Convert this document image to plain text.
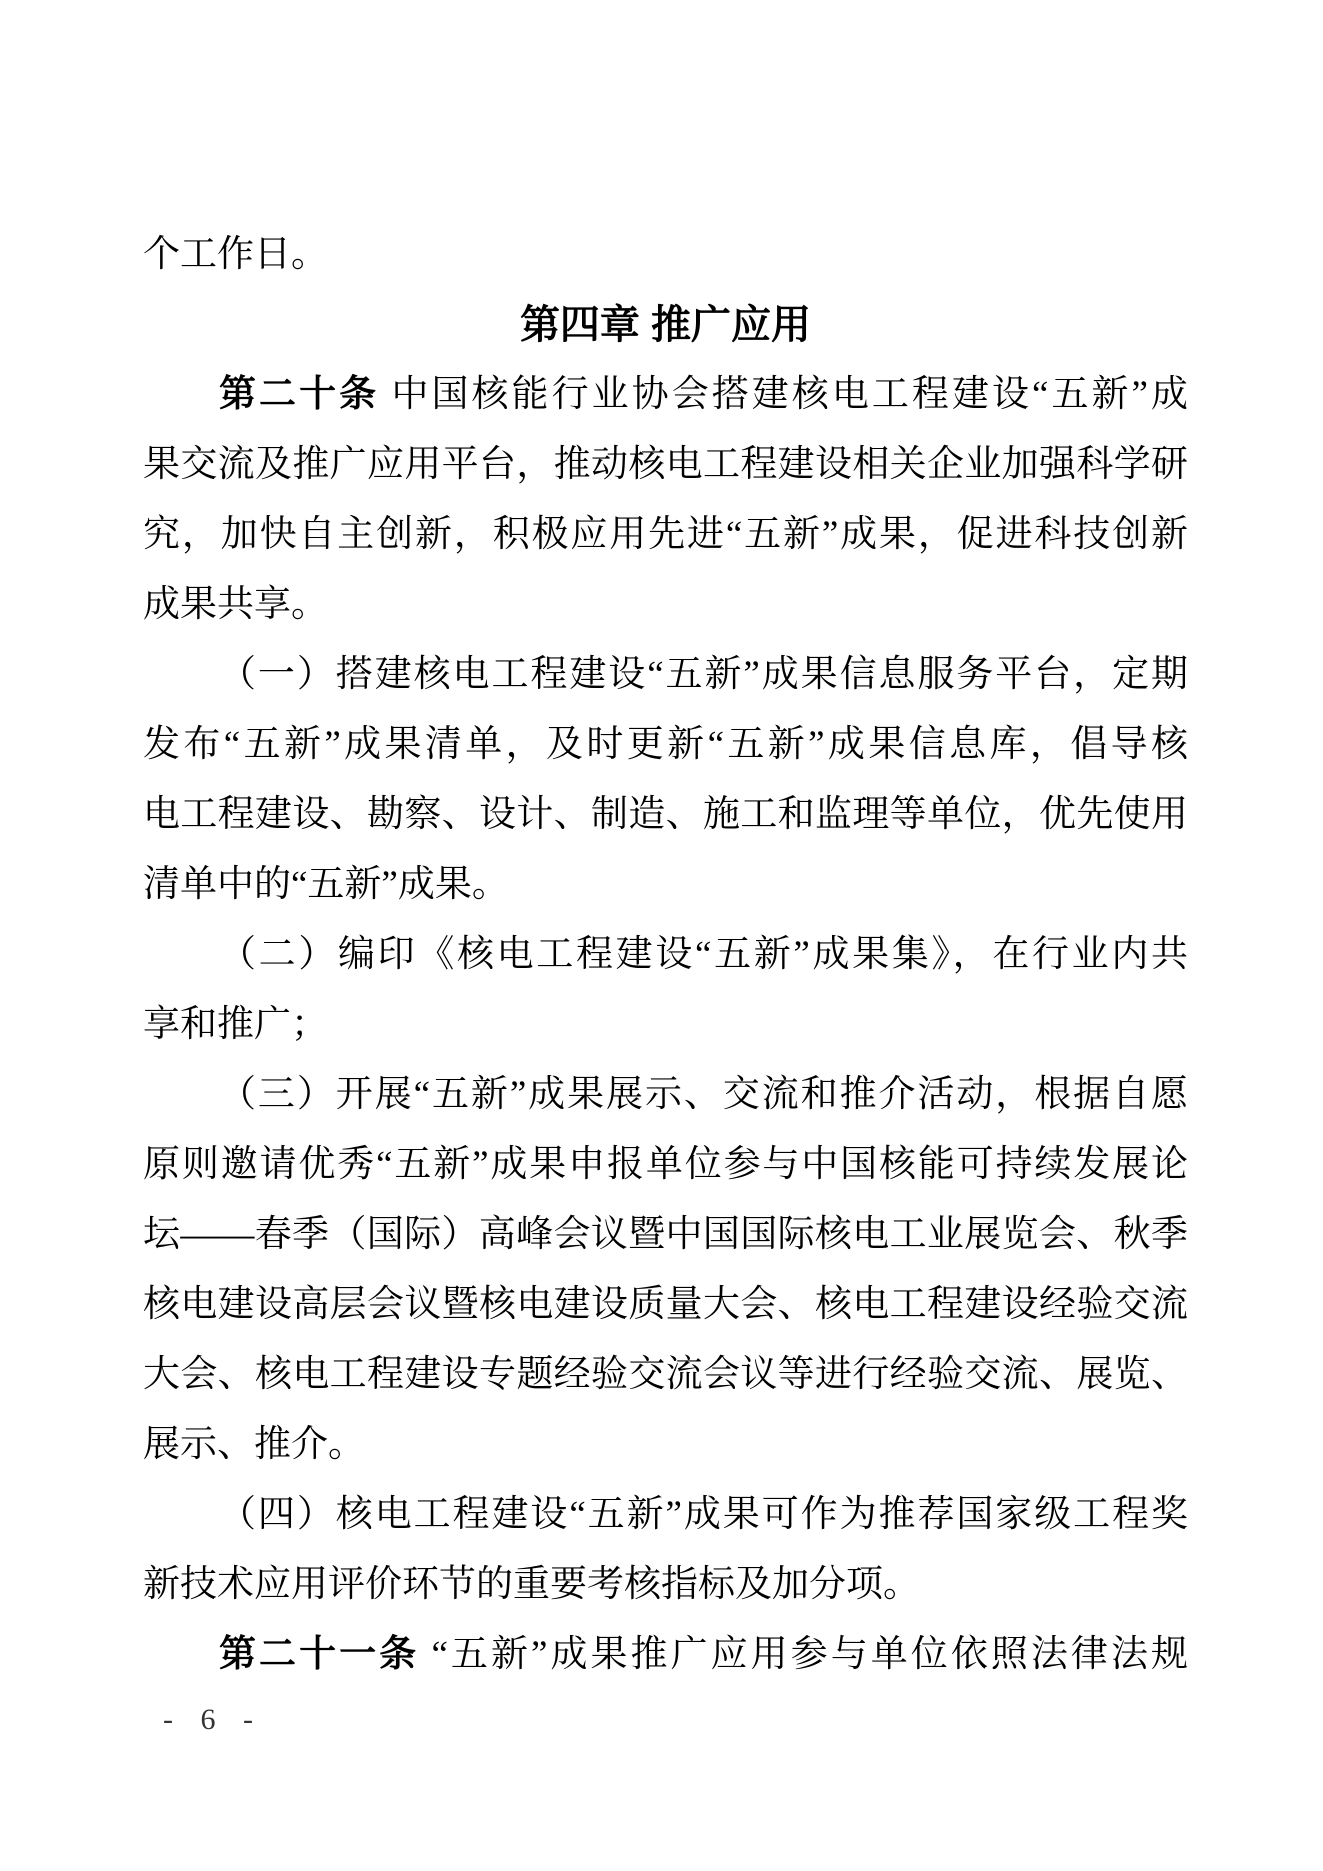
个工作日。
第四章 推广应用
第二十条 中国核能行业协会搭建核电工程建设“五新”成
果交流及推广应用平台，推动核电工程建设相关企业加强科学研
究，加快自主创新，积极应用先进“五新”成果，促进科技创新
成果共享。
（一）搭建核电工程建设“五新”成果信息服务平台，定期
发布“五新”成果清单，及时更新“五新”成果信息库，倡导核
电工程建设、勘察、设计、制造、施工和监理等单位，优先使用
清单中的“五新”成果。
（二）编印《核电工程建设“五新”成果集》，在行业内共
享和推广；
（三）开展“五新”成果展示、交流和推介活动，根据自愿
原则邀请优秀“五新”成果申报单位参与中国核能可持续发展论
坛——春季（国际）高峰会议暨中国国际核电工业展览会、秋季
核电建设高层会议暨核电建设质量大会、核电工程建设经验交流
大会、核电工程建设专题经验交流会议等进行经验交流、展览、
展示、推介。
（四）核电工程建设“五新”成果可作为推荐国家级工程奖
新技术应用评价环节的重要考核指标及加分项。
第二十一条 “五新”成果推广应用参与单位依照法律法规
- 6 -
